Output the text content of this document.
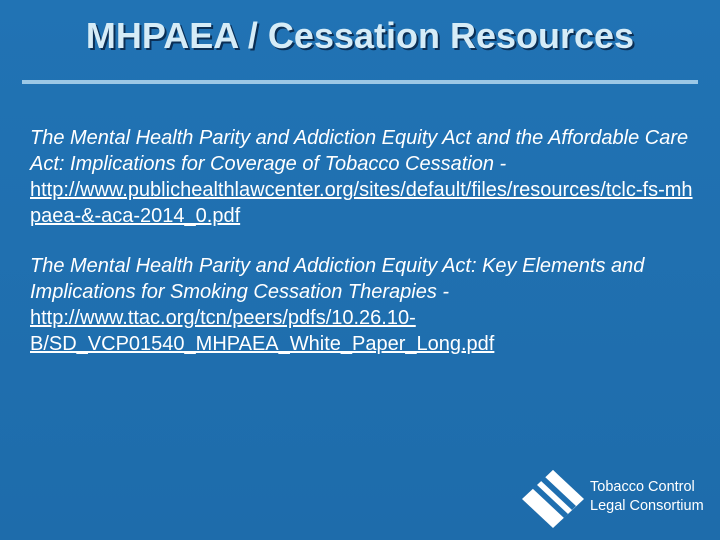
MHPAEA / Cessation Resources
The Mental Health Parity and Addiction Equity Act and the Affordable Care Act: Implications for Coverage of Tobacco Cessation -
http://www.publichealthlawcenter.org/sites/default/files/resources/tclc-fs-mhpaea-&-aca-2014_0.pdf
The Mental Health Parity and Addiction Equity Act: Key Elements and Implications for Smoking Cessation Therapies -
http://www.ttac.org/tcn/peers/pdfs/10.26.10-
B/SD_VCP01540_MHPAEA_White_Paper_Long.pdf
Tobacco Control
Legal Consortium
